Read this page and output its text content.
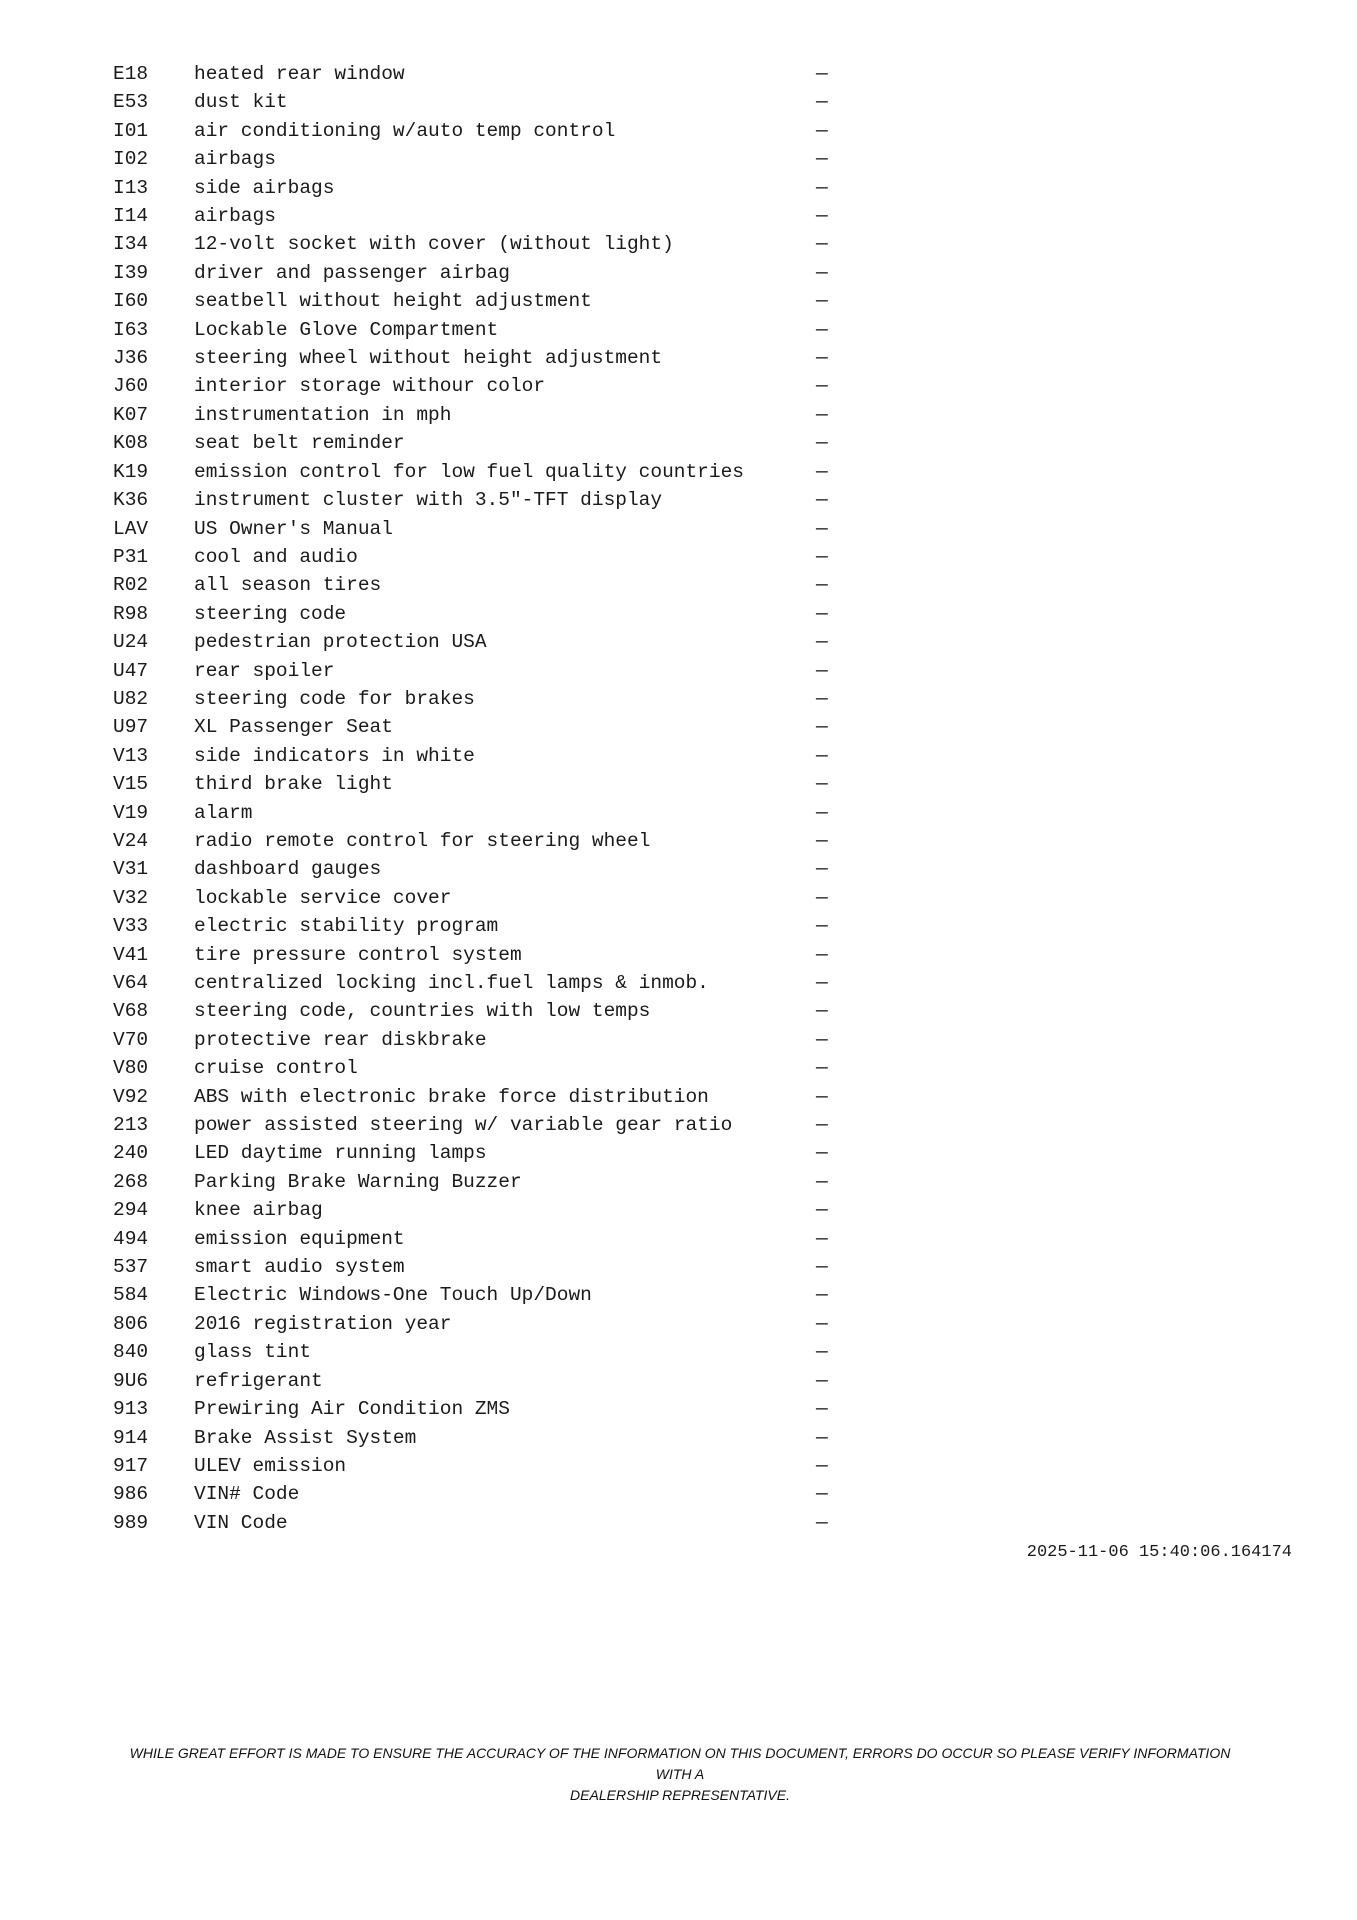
E18 heated rear window	—
E53 dust kit	—
I01 air conditioning w/auto temp control	—
I02 airbags	—
I13 side airbags	—
I14 airbags	—
I34 12-volt socket with cover (without light)	—
I39 driver and passenger airbag	—
I60 seatbell without height adjustment	—
I63 Lockable Glove Compartment	—
J36 steering wheel without height adjustment	—
J60 interior storage withour color	—
K07 instrumentation in mph	—
K08 seat belt reminder	—
K19 emission control for low fuel quality countries	—
K36 instrument cluster with 3.5"-TFT display	—
LAV US Owner's Manual	—
P31 cool and audio	—
R02 all season tires	—
R98 steering code	—
U24 pedestrian protection USA	—
U47 rear spoiler	—
U82 steering code for brakes	—
U97 XL Passenger Seat	—
V13 side indicators in white	—
V15 third brake light	—
V19 alarm	—
V24 radio remote control for steering wheel	—
V31 dashboard gauges	—
V32 lockable service cover	—
V33 electric stability program	—
V41 tire pressure control system	—
V64 centralized locking incl.fuel lamps & inmob.	—
V68 steering code, countries with low temps	—
V70 protective rear diskbrake	—
V80 cruise control	—
V92 ABS with electronic brake force distribution	—
213 power assisted steering w/ variable gear ratio	—
240 LED daytime running lamps	—
268 Parking Brake Warning Buzzer	—
294 knee airbag	—
494 emission equipment	—
537 smart audio system	—
584 Electric Windows-One Touch Up/Down	—
806 2016 registration year	—
840 glass tint	—
9U6 refrigerant	—
913 Prewiring Air Condition ZMS	—
914 Brake Assist System	—
917 ULEV emission	—
986 VIN# Code	—
989 VIN Code	—
2025-11-06 15:40:06.164174
WHILE GREAT EFFORT IS MADE TO ENSURE THE ACCURACY OF THE INFORMATION ON THIS DOCUMENT, ERRORS DO OCCUR SO PLEASE VERIFY INFORMATION WITH A
DEALERSHIP REPRESENTATIVE.
